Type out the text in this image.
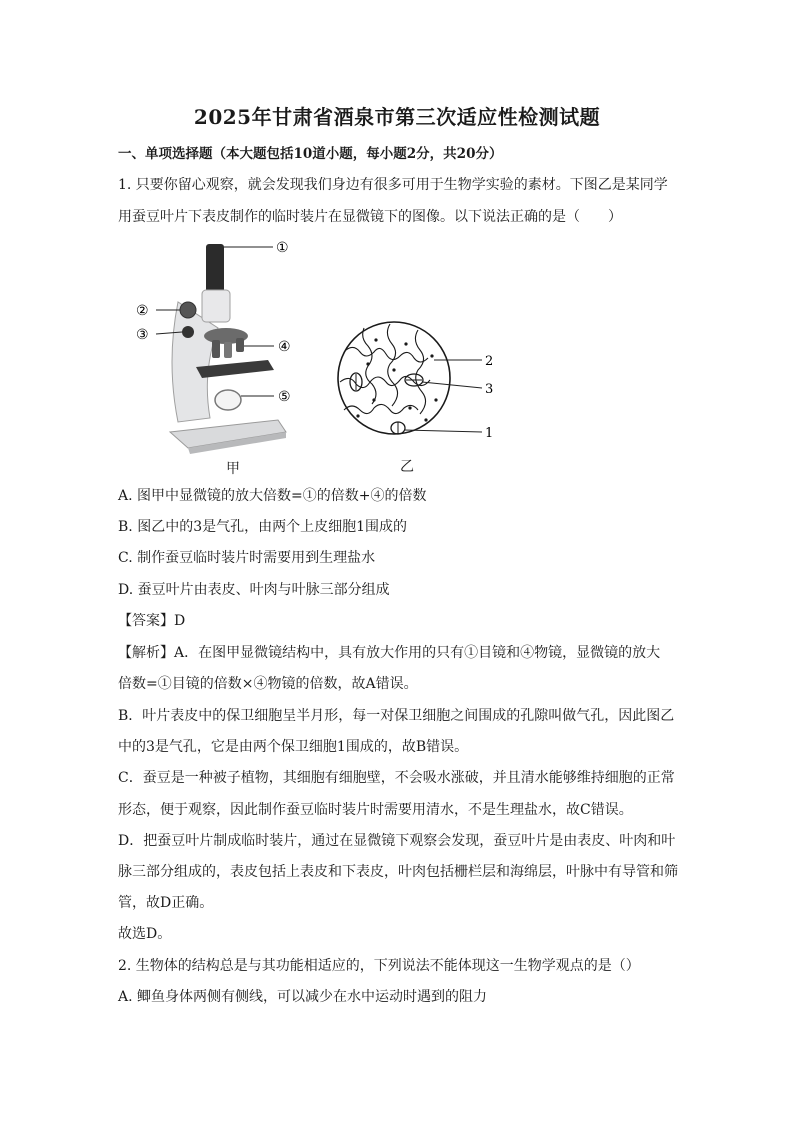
2025年甘肃省酒泉市第三次适应性检测试题
一、单项选择题（本大题包括10道小题，每小题2分，共20分）
1. 只要你留心观察，就会发现我们身边有很多可用于生物学实验的素材。下图乙是某同学
用蚕豆叶片下表皮制作的临时装片在显微镜下的图像。以下说法正确的是（　　）
①
②
③
④
⑤
2
3
1
甲	乙
A. 图甲中显微镜的放大倍数=①的倍数+④的倍数
B. 图乙中的3是气孔，由两个上皮细胞1围成的
C. 制作蚕豆临时装片时需要用到生理盐水
D. 蚕豆叶片由表皮、叶肉与叶脉三部分组成
【答案】D
【解析】A．在图甲显微镜结构中，具有放大作用的只有①目镜和④物镜，显微镜的放大
倍数=①目镜的倍数×④物镜的倍数，故A错误。
B．叶片表皮中的保卫细胞呈半月形，每一对保卫细胞之间围成的孔隙叫做气孔，因此图乙
中的3是气孔，它是由两个保卫细胞1围成的，故B错误。
C．蚕豆是一种被子植物，其细胞有细胞壁，不会吸水涨破，并且清水能够维持细胞的正常
形态，便于观察，因此制作蚕豆临时装片时需要用清水，不是生理盐水，故C错误。
D．把蚕豆叶片制成临时装片，通过在显微镜下观察会发现，蚕豆叶片是由表皮、叶肉和叶
脉三部分组成的，表皮包括上表皮和下表皮，叶肉包括栅栏层和海绵层，叶脉中有导管和筛
管，故D正确。
故选D。
2. 生物体的结构总是与其功能相适应的，下列说法不能体现这一生物学观点的是（）
A. 鲫鱼身体两侧有侧线，可以减少在水中运动时遇到的阻力
